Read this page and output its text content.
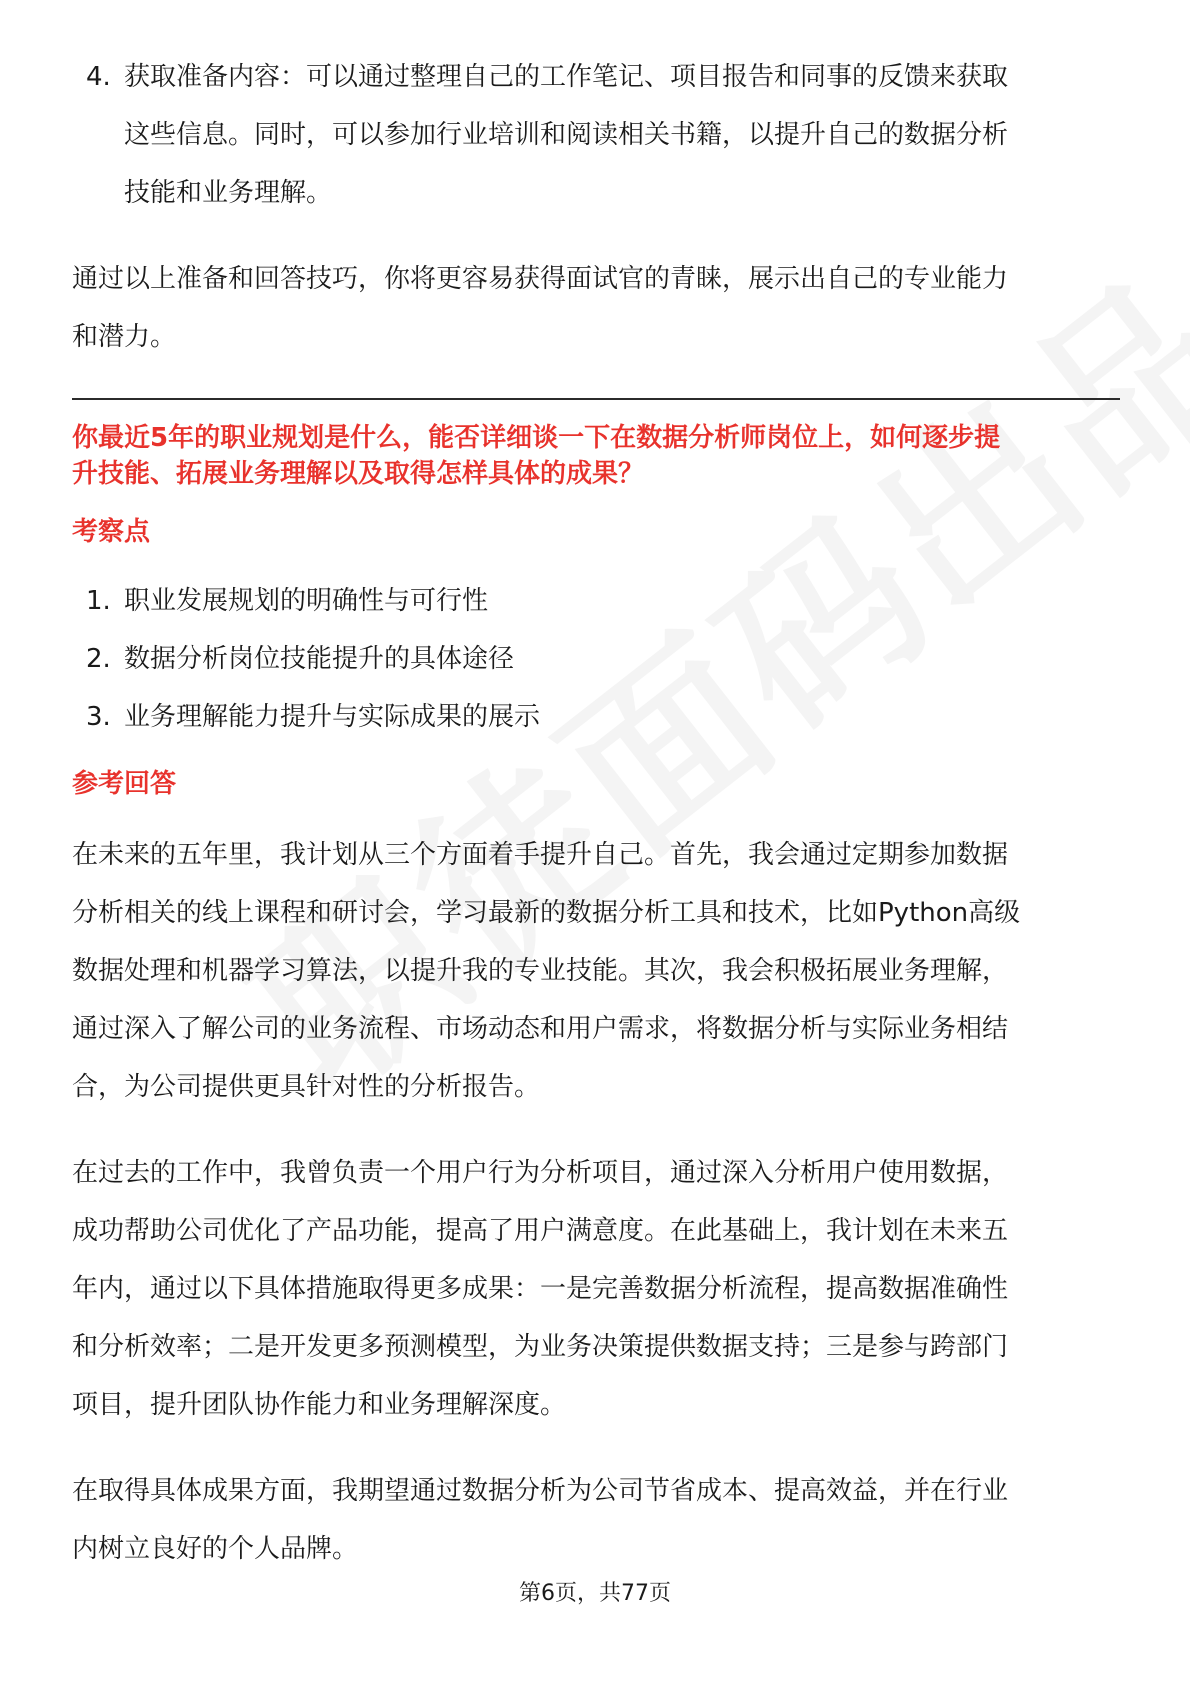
4. 获取准备内容：可以通过整理自己的工作笔记、项目报告和同事的反馈来获取
这些信息。同时，可以参加行业培训和阅读相关书籍，以提升自己的数据分析
技能和业务理解。
通过以上准备和回答技巧，你将更容易获得面试官的青睐，展示出自己的专业能力
和潜力。
你最近5年的职业规划是什么，能否详细谈一下在数据分析师岗位上，如何逐步提
升技能、拓展业务理解以及取得怎样具体的成果？
考察点
1. 职业发展规划的明确性与可行性
2. 数据分析岗位技能提升的具体途径
3. 业务理解能力提升与实际成果的展示
参考回答
在未来的五年里，我计划从三个方面着手提升自己。首先，我会通过定期参加数据
分析相关的线上课程和研讨会，学习最新的数据分析工具和技术，比如Python高级
数据处理和机器学习算法，以提升我的专业技能。其次，我会积极拓展业务理解，
通过深入了解公司的业务流程、市场动态和用户需求，将数据分析与实际业务相结
合，为公司提供更具针对性的分析报告。
在过去的工作中，我曾负责一个用户行为分析项目，通过深入分析用户使用数据，
成功帮助公司优化了产品功能，提高了用户满意度。在此基础上，我计划在未来五
年内，通过以下具体措施取得更多成果：一是完善数据分析流程，提高数据准确性
和分析效率；二是开发更多预测模型，为业务决策提供数据支持；三是参与跨部门
项目，提升团队协作能力和业务理解深度。
在取得具体成果方面，我期望通过数据分析为公司节省成本、提高效益，并在行业
内树立良好的个人品牌。
第6页，共77页
